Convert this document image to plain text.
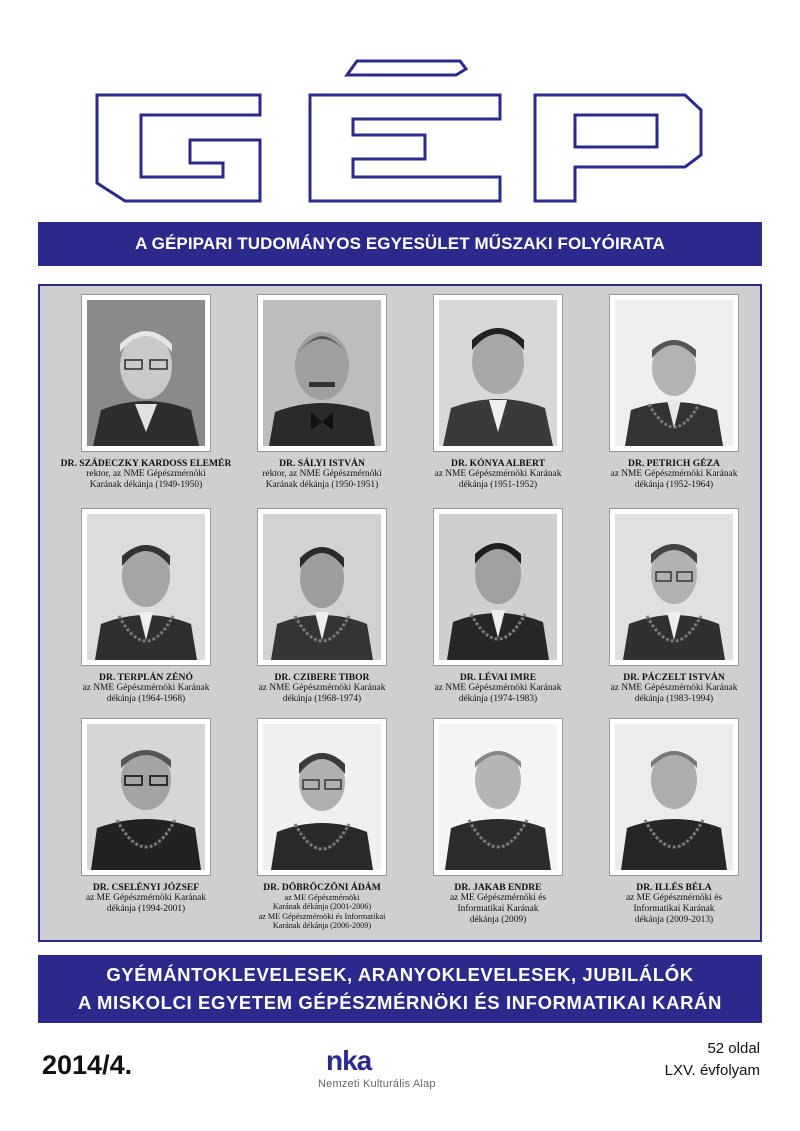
A GÉPIPARI TUDOMÁNYOS EGYESÜLET MŰSZAKI FOLYÓIRATA
DR. SZÁDECZKY KARDOSS ELEMÉR
rektor, az NME Gépészmérnöki
Karának dékánja (1949-1950)
DR. SÁLYI ISTVÁN
rektor, az NME Gépészmérnöki
Karának dékánja (1950-1951)
DR. KÓNYA ALBERT
az NME Gépészmérnöki Karának
dékánja (1951-1952)
DR. PETRICH GÉZA
az NME Gépészmérnöki Karának
dékánja (1952-1964)
DR. TERPLÁN ZÉNÓ
az NME Gépészmérnöki Karának
dékánja (1964-1968)
DR. CZIBERE TIBOR
az NME Gépészmérnöki Karának
dékánja (1968-1974)
DR. LÉVAI IMRE
az NME Gépészmérnöki Karának
dékánja (1974-1983)
DR. PÁCZELT ISTVÁN
az NME Gépészmérnöki Karának
dékánja (1983-1994)
DR. CSELÉNYI JÓZSEF
az ME Gépészmérnöki Karának
dékánja (1994-2001)
DR. DÖBRÖCZÖNI ÁDÁM
az ME Gépészmérnöki
Karának dékánja (2001-2006)
az ME Gépészmérnöki és Informatikai
Karának dékánja (2006-2009)
DR. JAKAB ENDRE
az ME Gépészmérnöki és
Informatikai Karának
dékánja (2009)
DR. ILLÉS BÉLA
az ME Gépészmérnöki és
Informatikai Karának
dékánja (2009-2013)
GYÉMÁNTOKLEVELESEK, ARANYOKLEVELESEK, JUBILÁLÓK
A MISKOLCI EGYETEM GÉPÉSZMÉRNÖKI ÉS INFORMATIKAI KARÁN
2014/4.	nka
Nemzeti Kulturális Alap
52 oldal
LXV. évfolyam
